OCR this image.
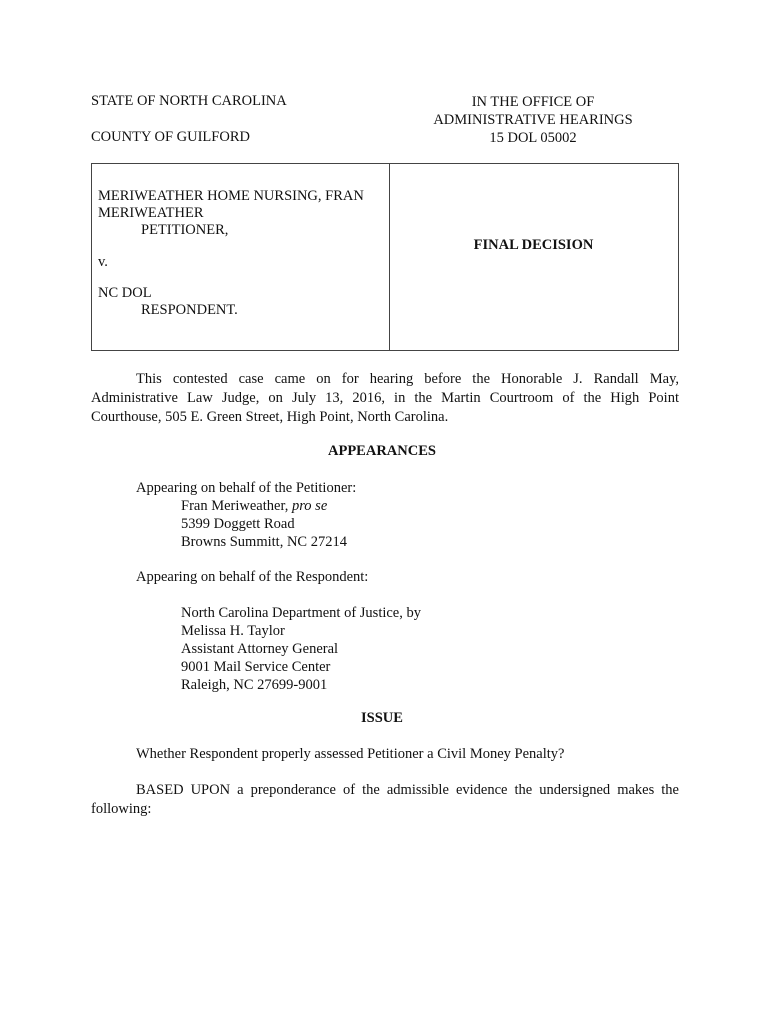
STATE OF NORTH CAROLINA

COUNTY OF GUILFORD

IN THE OFFICE OF
ADMINISTRATIVE HEARINGS
15 DOL 05002
MERIWEATHER HOME NURSING, FRAN
MERIWEATHER
PETITIONER,
v.
NC DOL
RESPONDENT.
FINAL DECISION
This contested case came on for hearing before the Honorable J. Randall May,
Administrative Law Judge, on July 13, 2016, in the Martin Courtroom of the High Point
Courthouse, 505 E. Green Street, High Point, North Carolina.
APPEARANCES
Appearing on behalf of the Petitioner:
Fran Meriweather, pro se
5399 Doggett Road
Browns Summitt, NC 27214
Appearing on behalf of the Respondent:
North Carolina Department of Justice, by
Melissa H. Taylor
Assistant Attorney General
9001 Mail Service Center
Raleigh, NC 27699-9001
ISSUE

Whether Respondent properly assessed Petitioner a Civil Money Penalty?

BASED UPON a preponderance of the admissible evidence the undersigned makes the
following:
